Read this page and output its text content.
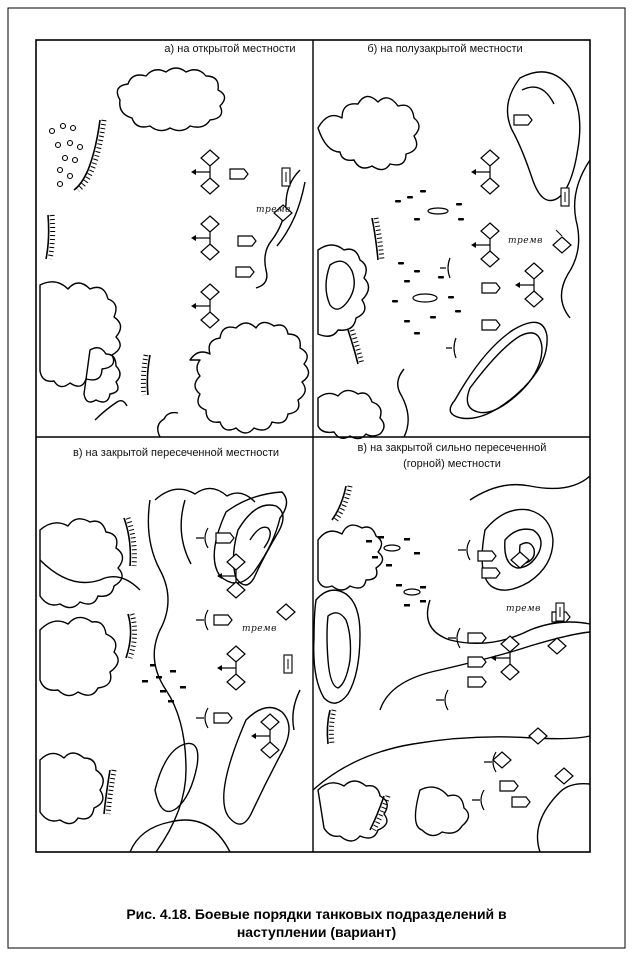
а) на открытой местности	б) на полузакрытой местности
в) на закрытой пересеченной местности	в) на закрытой сильно пересеченной
(горной) местности
тремв
тремв
тремв
тремв
Рис. 4.18. Боевые порядки танковых подразделений в
наступлении (вариант)
